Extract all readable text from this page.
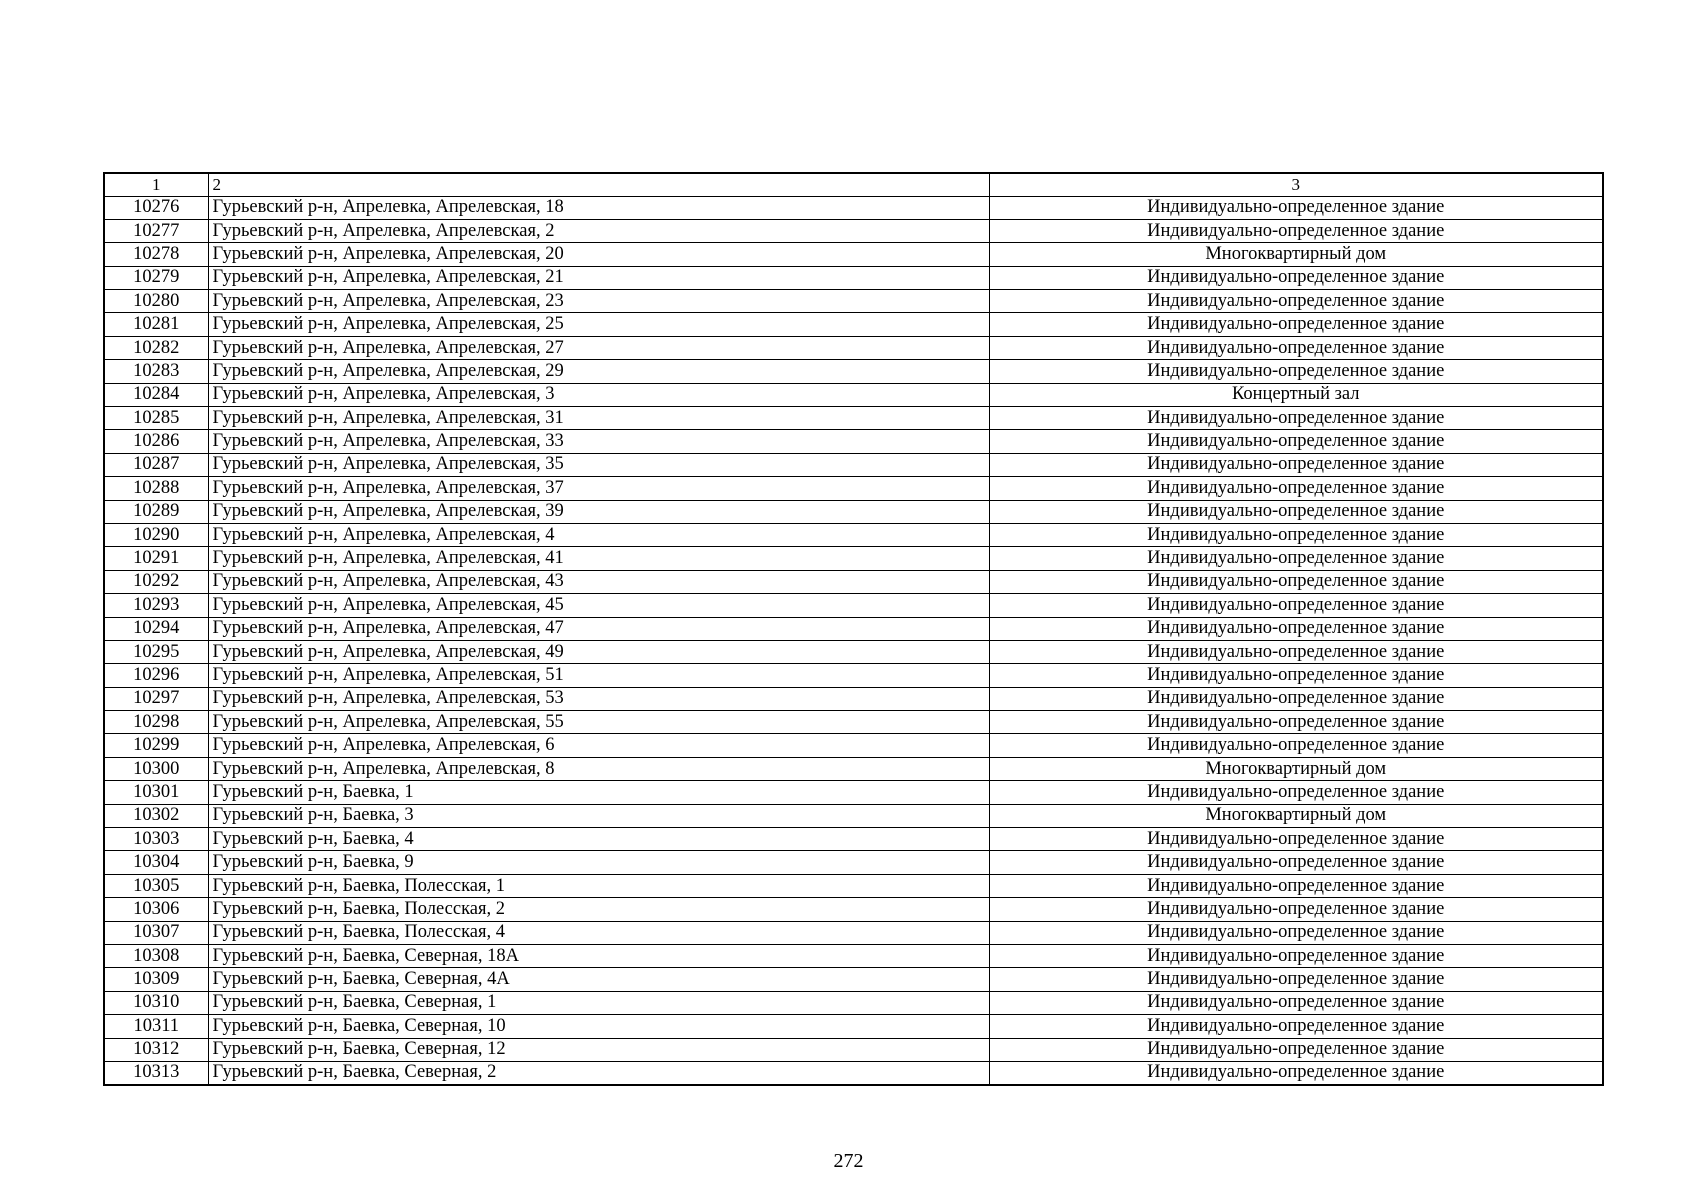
1	2	3
10276	Гурьевский р-н, Апрелевка, Апрелевская, 18	Индивидуально-определенное здание
10277	Гурьевский р-н, Апрелевка, Апрелевская, 2	Индивидуально-определенное здание
10278	Гурьевский р-н, Апрелевка, Апрелевская, 20	Многоквартирный дом
10279	Гурьевский р-н, Апрелевка, Апрелевская, 21	Индивидуально-определенное здание
10280	Гурьевский р-н, Апрелевка, Апрелевская, 23	Индивидуально-определенное здание
10281	Гурьевский р-н, Апрелевка, Апрелевская, 25	Индивидуально-определенное здание
10282	Гурьевский р-н, Апрелевка, Апрелевская, 27	Индивидуально-определенное здание
10283	Гурьевский р-н, Апрелевка, Апрелевская, 29	Индивидуально-определенное здание
10284	Гурьевский р-н, Апрелевка, Апрелевская, 3	Концертный зал
10285	Гурьевский р-н, Апрелевка, Апрелевская, 31	Индивидуально-определенное здание
10286	Гурьевский р-н, Апрелевка, Апрелевская, 33	Индивидуально-определенное здание
10287	Гурьевский р-н, Апрелевка, Апрелевская, 35	Индивидуально-определенное здание
10288	Гурьевский р-н, Апрелевка, Апрелевская, 37	Индивидуально-определенное здание
10289	Гурьевский р-н, Апрелевка, Апрелевская, 39	Индивидуально-определенное здание
10290	Гурьевский р-н, Апрелевка, Апрелевская, 4	Индивидуально-определенное здание
10291	Гурьевский р-н, Апрелевка, Апрелевская, 41	Индивидуально-определенное здание
10292	Гурьевский р-н, Апрелевка, Апрелевская, 43	Индивидуально-определенное здание
10293	Гурьевский р-н, Апрелевка, Апрелевская, 45	Индивидуально-определенное здание
10294	Гурьевский р-н, Апрелевка, Апрелевская, 47	Индивидуально-определенное здание
10295	Гурьевский р-н, Апрелевка, Апрелевская, 49	Индивидуально-определенное здание
10296	Гурьевский р-н, Апрелевка, Апрелевская, 51	Индивидуально-определенное здание
10297	Гурьевский р-н, Апрелевка, Апрелевская, 53	Индивидуально-определенное здание
10298	Гурьевский р-н, Апрелевка, Апрелевская, 55	Индивидуально-определенное здание
10299	Гурьевский р-н, Апрелевка, Апрелевская, 6	Индивидуально-определенное здание
10300	Гурьевский р-н, Апрелевка, Апрелевская, 8	Многоквартирный дом
10301	Гурьевский р-н, Баевка, 1	Индивидуально-определенное здание
10302	Гурьевский р-н, Баевка, 3	Многоквартирный дом
10303	Гурьевский р-н, Баевка, 4	Индивидуально-определенное здание
10304	Гурьевский р-н, Баевка, 9	Индивидуально-определенное здание
10305	Гурьевский р-н, Баевка, Полесская, 1	Индивидуально-определенное здание
10306	Гурьевский р-н, Баевка, Полесская, 2	Индивидуально-определенное здание
10307	Гурьевский р-н, Баевка, Полесская, 4	Индивидуально-определенное здание
10308	Гурьевский р-н, Баевка, Северная, 18А	Индивидуально-определенное здание
10309	Гурьевский р-н, Баевка, Северная, 4А	Индивидуально-определенное здание
10310	Гурьевский р-н, Баевка, Северная, 1	Индивидуально-определенное здание
10311	Гурьевский р-н, Баевка, Северная, 10	Индивидуально-определенное здание
10312	Гурьевский р-н, Баевка, Северная, 12	Индивидуально-определенное здание
10313	Гурьевский р-н, Баевка, Северная, 2	Индивидуально-определенное здание
272
